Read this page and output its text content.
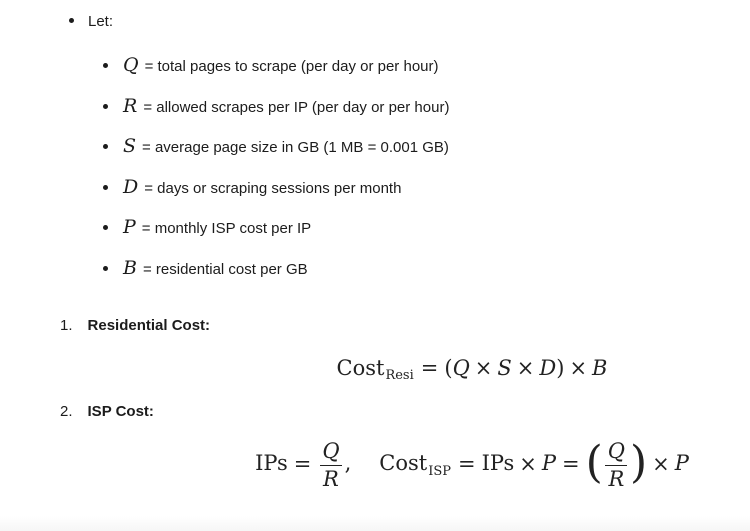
Let:
Q = total pages to scrape (per day or per hour)
R = allowed scrapes per IP (per day or per hour)
S = average page size in GB (1 MB = 0.001 GB)
D = days or scraping sessions per month
P = monthly ISP cost per IP
B = residential cost per GB
1. Residential Cost:
CostResi = (Q × S × D) × B
2. ISP Cost:
IPs = $\frac{Q}{R}$ , CostISP = IPs × P = ( $\frac{Q}{R}$ ) × P
